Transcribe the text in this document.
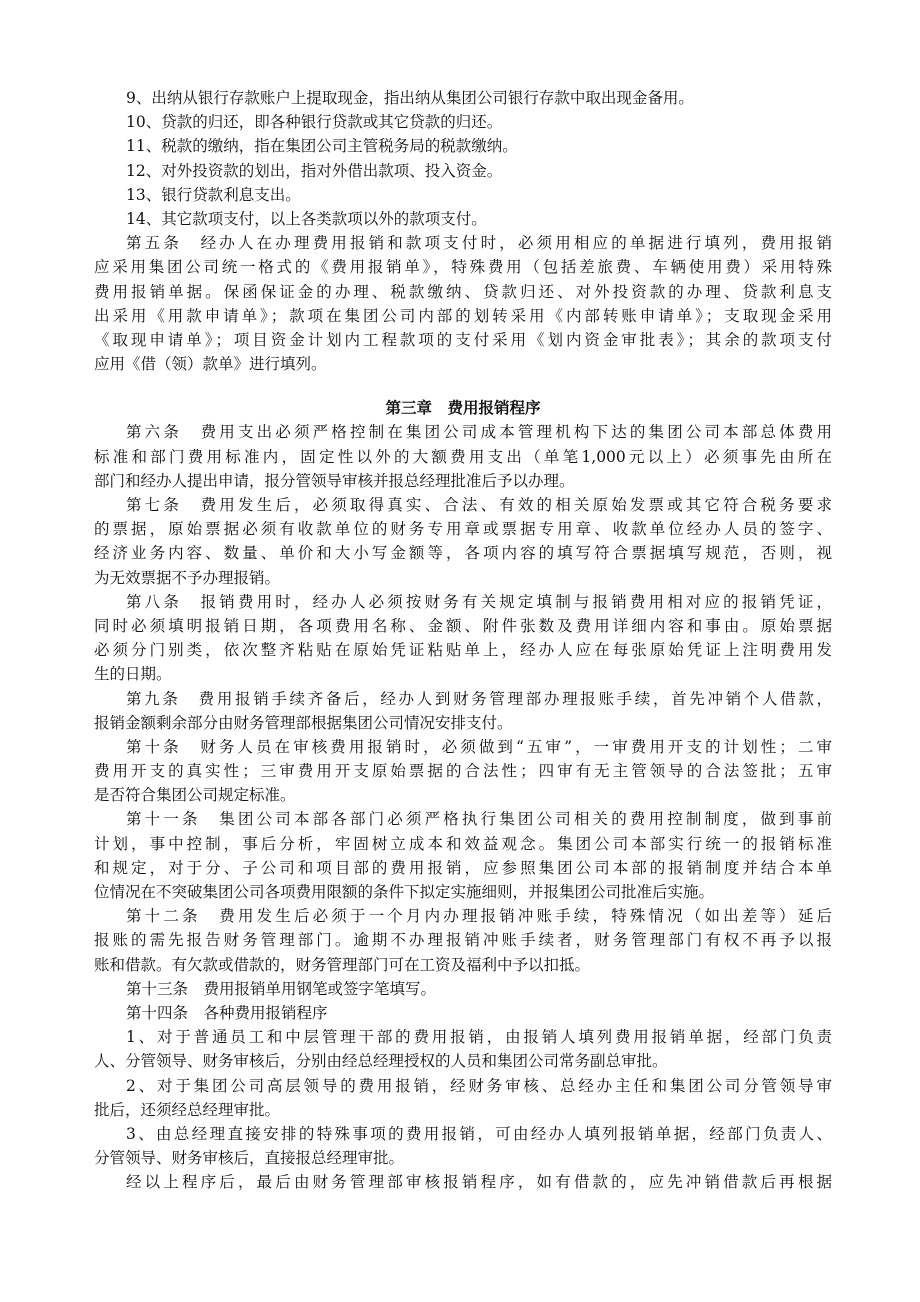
9、出纳从银行存款账户上提取现金，指出纳从集团公司银行存款中取出现金备用。
10、贷款的归还，即各种银行贷款或其它贷款的归还。
11、税款的缴纳，指在集团公司主管税务局的税款缴纳。
12、对外投资款的划出，指对外借出款项、投入资金。
13、银行贷款利息支出。
14、其它款项支付，以上各类款项以外的款项支付。
第五条　经办人在办理费用报销和款项支付时，必须用相应的单据进行填列，费用报销
应采用集团公司统一格式的《费用报销单》，特殊费用（包括差旅费、车辆使用费）采用特殊
费用报销单据。保函保证金的办理、税款缴纳、贷款归还、对外投资款的办理、贷款利息支
出采用《用款申请单》；款项在集团公司内部的划转采用《内部转账申请单》；支取现金采用
《取现申请单》；项目资金计划内工程款项的支付采用《划内资金审批表》；其余的款项支付
应用《借（领）款单》进行填列。
第三章　费用报销程序
第六条　费用支出必须严格控制在集团公司成本管理机构下达的集团公司本部总体费用
标准和部门费用标准内，固定性以外的大额费用支出（单笔1,000元以上）必须事先由所在
部门和经办人提出申请，报分管领导审核并报总经理批准后予以办理。
第七条　费用发生后，必须取得真实、合法、有效的相关原始发票或其它符合税务要求
的票据，原始票据必须有收款单位的财务专用章或票据专用章、收款单位经办人员的签字、
经济业务内容、数量、单价和大小写金额等，各项内容的填写符合票据填写规范，否则，视
为无效票据不予办理报销。
第八条　报销费用时，经办人必须按财务有关规定填制与报销费用相对应的报销凭证，
同时必须填明报销日期，各项费用名称、金额、附件张数及费用详细内容和事由。原始票据
必须分门别类，依次整齐粘贴在原始凭证粘贴单上，经办人应在每张原始凭证上注明费用发
生的日期。
第九条　费用报销手续齐备后，经办人到财务管理部办理报账手续，首先冲销个人借款，
报销金额剩余部分由财务管理部根据集团公司情况安排支付。
第十条　财务人员在审核费用报销时，必须做到“五审”，一审费用开支的计划性；二审
费用开支的真实性；三审费用开支原始票据的合法性；四审有无主管领导的合法签批；五审
是否符合集团公司规定标准。
第十一条　集团公司本部各部门必须严格执行集团公司相关的费用控制制度，做到事前
计划，事中控制，事后分析，牢固树立成本和效益观念。集团公司本部实行统一的报销标准
和规定，对于分、子公司和项目部的费用报销，应参照集团公司本部的报销制度并结合本单
位情况在不突破集团公司各项费用限额的条件下拟定实施细则，并报集团公司批准后实施。
第十二条　费用发生后必须于一个月内办理报销冲账手续，特殊情况（如出差等）延后
报账的需先报告财务管理部门。逾期不办理报销冲账手续者，财务管理部门有权不再予以报
账和借款。有欠款或借款的，财务管理部门可在工资及福利中予以扣抵。
第十三条　费用报销单用钢笔或签字笔填写。
第十四条　各种费用报销程序
1、对于普通员工和中层管理干部的费用报销，由报销人填列费用报销单据，经部门负责
人、分管领导、财务审核后，分别由经总经理授权的人员和集团公司常务副总审批。
2、对于集团公司高层领导的费用报销，经财务审核、总经办主任和集团公司分管领导审
批后，还须经总经理审批。
3、由总经理直接安排的特殊事项的费用报销，可由经办人填列报销单据，经部门负责人、
分管领导、财务审核后，直接报总经理审批。
经以上程序后，最后由财务管理部审核报销程序，如有借款的，应先冲销借款后再根据
